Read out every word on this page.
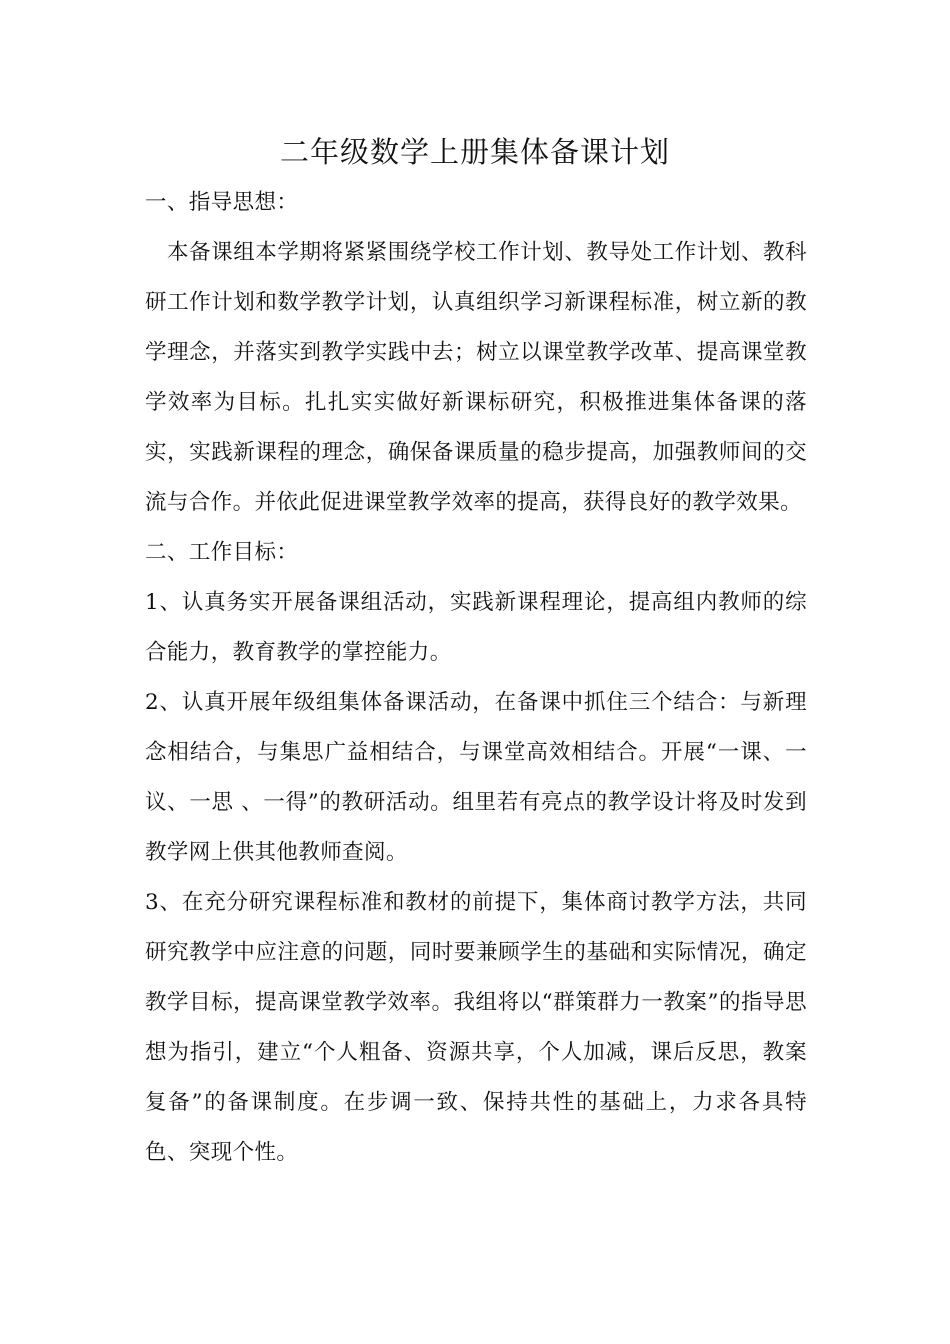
二年级数学上册集体备课计划

一、指导思想：

本备课组本学期将紧紧围绕学校工作计划、教导处工作计划、教科研工作计划和数学教学计划，认真组织学习新课程标准，树立新的教学理念，并落实到教学实践中去；树立以课堂教学改革、提高课堂教学效率为目标。扎扎实实做好新课标研究，积极推进集体备课的落实，实践新课程的理念，确保备课质量的稳步提高，加强教师间的交流与合作。并依此促进课堂教学效率的提高，获得良好的教学效果。

二、工作目标：

1、认真务实开展备课组活动，实践新课程理论，提高组内教师的综合能力，教育教学的掌控能力。

2、认真开展年级组集体备课活动，在备课中抓住三个结合：与新理念相结合，与集思广益相结合，与课堂高效相结合。开展“一课、一议、一思 、一得”的教研活动。组里若有亮点的教学设计将及时发到教学网上供其他教师查阅。

3、在充分研究课程标准和教材的前提下，集体商讨教学方法，共同研究教学中应注意的问题，同时要兼顾学生的基础和实际情况，确定教学目标，提高课堂教学效率。我组将以“群策群力一教案”的指导思想为指引，建立“个人粗备、资源共享，个人加减，课后反思，教案复备”的备课制度。在步调一致、保持共性的基础上，力求各具特色、突现个性。
